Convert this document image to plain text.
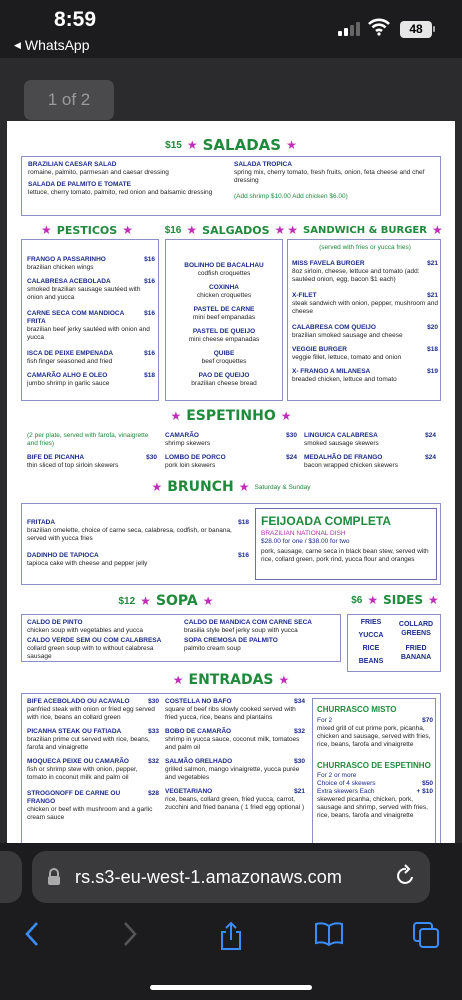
8:59
◀ WhatsApp
48
1 of 2
$15 ★ SALADAS ★
BRAZILIAN CAESAR SALAD
romaine, palmito, parmesan and caesar dressing
SALADA DE PALMITO E TOMATE
lettuce, cherry tomato, palmito, red onion and balsamic dressing
SALADA TROPICA
spring mix, cherry tomato, fresh fruits, onion, feta cheese and chef dressing
(Add shrimp $10.00 Add chicken $6.00)
★ PESTICOS ★	$16 ★ SALGADOS ★ ★ SANDWICH & BURGER ★
$16
FRANGO A PASSARINHO
brazilian chicken wings
$16
CALABRESA ACEBOLADA
smoked brazilian sausage sautéed with onion and yucca
$16
CARNE SECA COM MANDIOCA FRITA
brazilian beef jerky sautéed with onion and yucca
$16
ISCA DE PEIXE EMPENADA
fish finger seasoned and fried
$18
CAMARÃO ALHO E OLEO
jumbo shrimp in garlic sauce
BOLINHO DE BACALHAU
codfish croquettes
COXINHA
chicken croquettes
PASTEL DE CARNE
mini beef empanadas
PASTEL DE QUEIJO
mini cheese empanadas
QUIBE
beef croquettes
PAO DE QUEIJO
brazilian cheese bread
(served with fries or yucca fries)
$21
MISS FAVELA BURGER
8oz sirloin, cheese, lettuce and tomato (add: sautéed onion, egg, bacon $1 each)
$21
X-FILET
steak sandwich with onion, pepper, mushroom and cheese
$20
CALABRESA COM QUEIJO
brazilian smoked sausage and cheese
$18
VEGGIE BURGER
veggie fillet, lettuce, tomato and onion
$19
X- FRANGO A MILANESA
breaded chicken, lettuce and tomato
★ ESPETINHO ★
(2 per plate, served with farofa, vinaigrette and fries)
$30
BIFE DE PICANHA
thin sliced of top sirloin skewers
$30
CAMARÃO
shrimp skewers
$24
LOMBO DE PORCO
pork loin skewers
$24
LINGUICA CALABRESA
smoked sausage skewers
$24
MEDALHÃO DE FRANGO
bacon wrapped chicken skewers
★ BRUNCH ★ Saturday & Sunday
$18
FRITADA
brazilian omelette, choice of carne seca, calabresa, codfish, or banana, served with yucca fries
$16
DADINHO DE TAPIOCA
tapioca cake with cheese and pepper jelly
FEIJOADA COMPLETA
BRAZILIAN NATIONAL DISH
$28.00 for one / $38.00 for two
pork, sausage, carne seca in black bean stew, served with rice, collard green, pork rind, yucca flour and oranges
$12 ★ SOPA ★
CALDO DE PINTO
chicken soup with vegetables and yucca
CALDO VERDE SEM OU COM CALABRESA
collard green soup with to without calabresa sausage
CALDO DE MANDICA COM CARNE SECA
brasilia style beef jerky soup with yucca
SOPA CREMOSA DE PALMITO
palmito cream soup
$6 ★ SIDES ★
FRIES
YUCCA
RICE
BEANS
COLLARD GREENS
FRIED BANANA
★ ENTRADAS ★
$30
BIFE ACEBOLADO OU ACAVALO
panfried steak with onion or fried egg served with rice, beans an collard green
$33
PICANHA STEAK OU FATIADA
brazilian prime cut served with rice, beans, farofa and vinaigrette
$32
MOQUECA PEIXE OU CAMARÃO
fish or shrimp stew with onion, pepper, tomato in coconut milk and palm oil
$28
STROGONOFF DE CARNE OU FRANGO
chicken or beef with mushroom and a garlic cream sauce
$34
COSTELLA NO BAFO
square of beef ribs slowly cooked served with fried yucca, rice, beans and plantains
$32
BOBO DE CAMARÃO
shrimp in yucca sauce, coconut milk, tomatoes and palm oil
$30
SALMÃO GRELHADO
grilled salmon, mango vinaigrette, yucca purée and vegetables
$21
VEGETARIANO
rice, beans, collard green, fried yucca, carrot, zucchini and fried banana ( 1 fried egg optional )
CHURRASCO MISTO
$70
For 2
mixed grill of cut prime pork, picanha, chicken and sausage, served with fries, rice, beans, farofa and vinaigrette
CHURRASCO DE ESPETINHO
For 2 or more
$50
Choice of 4 skewers
+ $10
Extra skewers Each
skewered picanha, chicken, pork, sausage and shrimp, served with fries, rice, beans, farofa and vinaigrette
rs.s3-eu-west-1.amazonaws.com
